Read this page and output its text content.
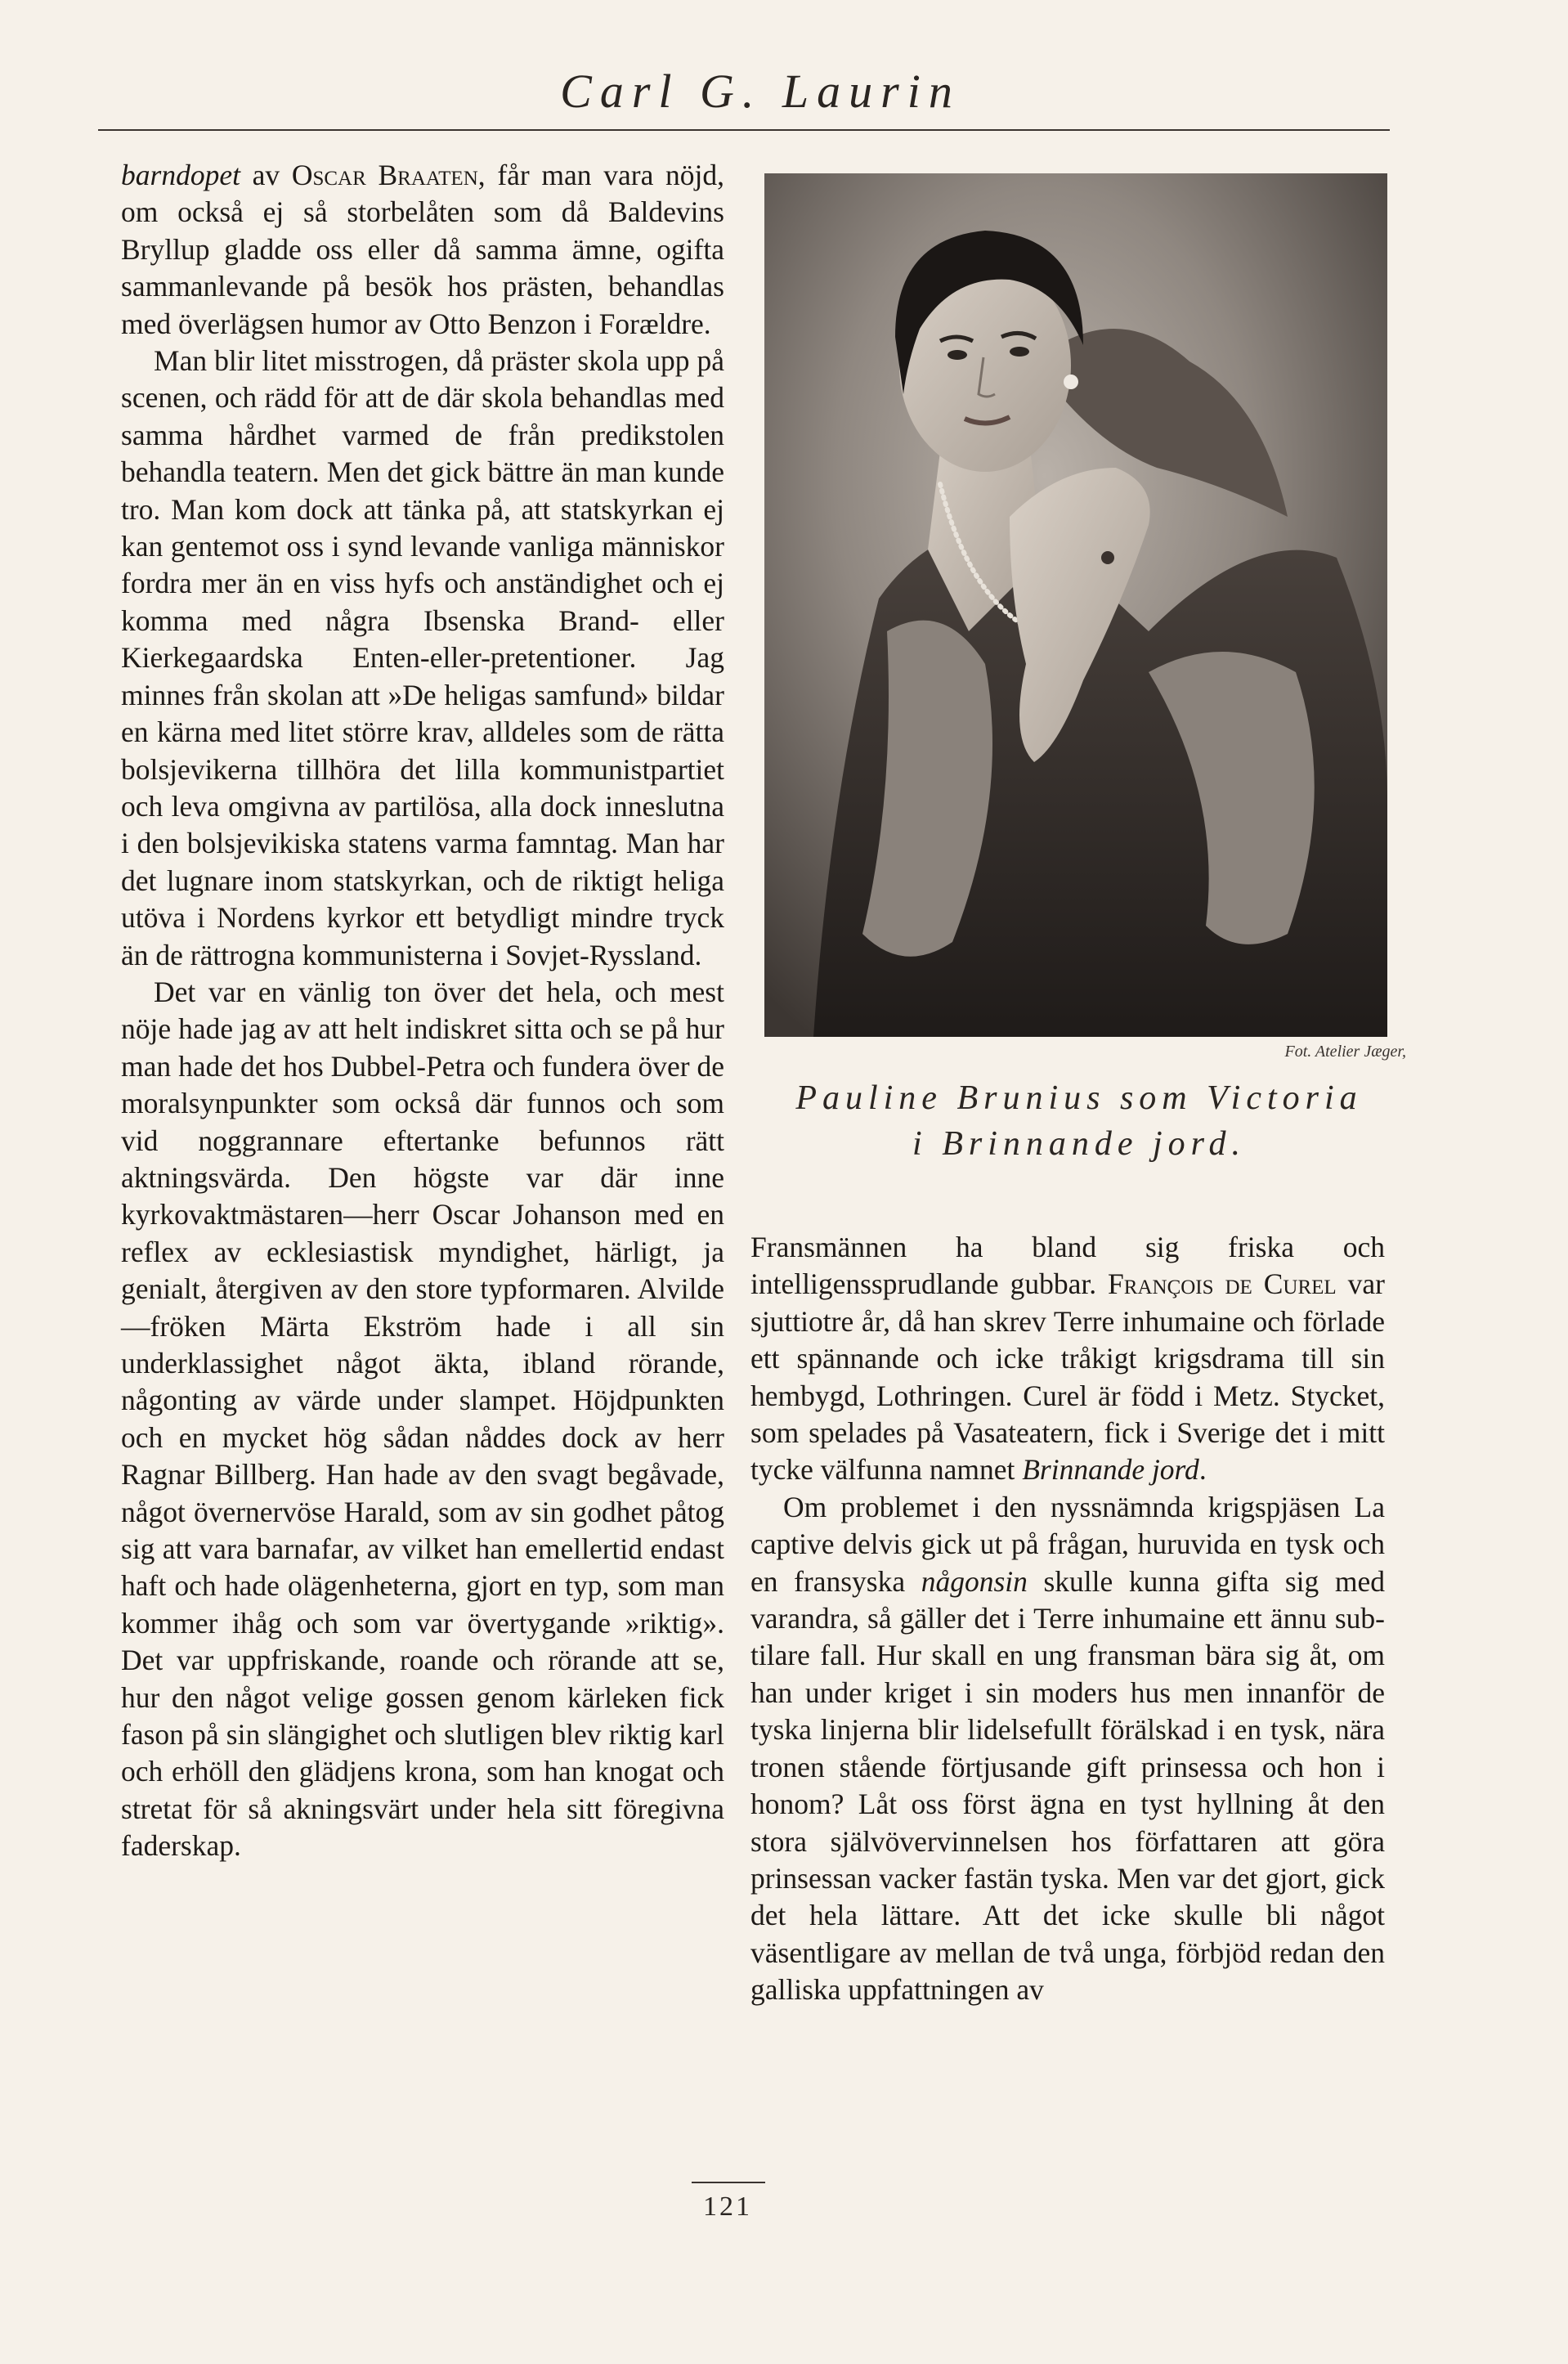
Carl G. Laurin

barndopet av Oscar Braaten, får man vara nöjd, om också ej så storbelåten som då Baldevins Bryllup gladde oss eller då samma ämne, ogifta sammanlevande på besök hos prästen, behandlas med överlägsen humor av Otto Benzon i Forældre.

Man blir litet misstrogen, då präster skola upp på scenen, och rädd för att de där skola behandlas med samma hårdhet varmed de från predikstolen behandla teatern. Men det gick bättre än man kunde tro. Man kom dock att tänka på, att statskyrkan ej kan gentemot oss i synd levande vanliga människor fordra mer än en viss hyfs och anständighet och ej komma med några Ibsenska Brand- eller Kierkegaardska Enten-eller-pretentioner. Jag minnes från skolan att »De heligas samfund» bildar en kärna med litet större krav, alldeles som de rätta bolsjevikerna tillhöra det lilla kommunistpartiet och leva omgivna av partilösa, alla dock inneslutna i den bolsjevikiska statens varma famntag. Man har det lugnare inom statskyrkan, och de riktigt heliga utöva i Nordens kyrkor ett betydligt mindre tryck än de rättrogna kommunisterna i Sovjet-Ryssland.

Det var en vänlig ton över det hela, och mest nöje hade jag av att helt indiskret sitta och se på hur man hade det hos Dubbel-Petra och fundera över de moralsynpunkter som också där funnos och som vid noggrannare eftertanke befunnos rätt aktningsvärda. Den högste var där inne kyrkovaktmästaren—herr Oscar Johanson med en reflex av ecklesiastisk myndighet, härligt, ja genialt, återgiven av den store typformaren. Alvilde—fröken Märta Ekström hade i all sin underklassighet något äkta, ibland rörande, någonting av värde under slampet. Höjdpunkten och en mycket hög sådan nåddes dock av herr Ragnar Billberg. Han hade av den svagt begåvade, något övernervöse Harald, som av sin godhet påtog sig att vara barnafar, av vilket han emellertid endast haft och hade olägenheterna, gjort en typ, som man kommer ihåg och som var övertygande »riktig». Det var uppfriskande, roande och rörande att se, hur den något velige gossen genom kärleken fick fason på sin slängighet och slutligen blev riktig karl och erhöll den glädjens krona, som han knogat och stretat för så akningsvärt under hela sitt föregivna faderskap.

Fot. Atelier Jæger,
Pauline Brunius som Victoria
i Brinnande jord.

Fransmännen ha bland sig friska och intelligenssprudlande gubbar. François de Curel var sjuttiotre år, då han skrev Terre inhumaine och förlade ett spännande och icke tråkigt krigsdrama till sin hembygd, Lothringen. Curel är född i Metz. Stycket, som spelades på Vasateatern, fick i Sverige det i mitt tycke välfunna namnet Brinnande jord.

Om problemet i den nyssnämnda krigspjäsen La captive delvis gick ut på frågan, huruvida en tysk och en fransyska någonsin skulle kunna gifta sig med varandra, så gäller det i Terre inhumaine ett ännu subtilare fall. Hur skall en ung fransman bära sig åt, om han under kriget i sin moders hus men innanför de tyska linjerna blir lidelsefullt förälskad i en tysk, nära tronen stående förtjusande gift prinsessa och hon i honom? Låt oss först ägna en tyst hyllning åt den stora självövervinnelsen hos författaren att göra prinsessan vacker fastän tyska. Men var det gjort, gick det hela lättare. Att det icke skulle bli något väsentligare av mellan de två unga, förbjöd redan den galliska uppfattningen av

121
